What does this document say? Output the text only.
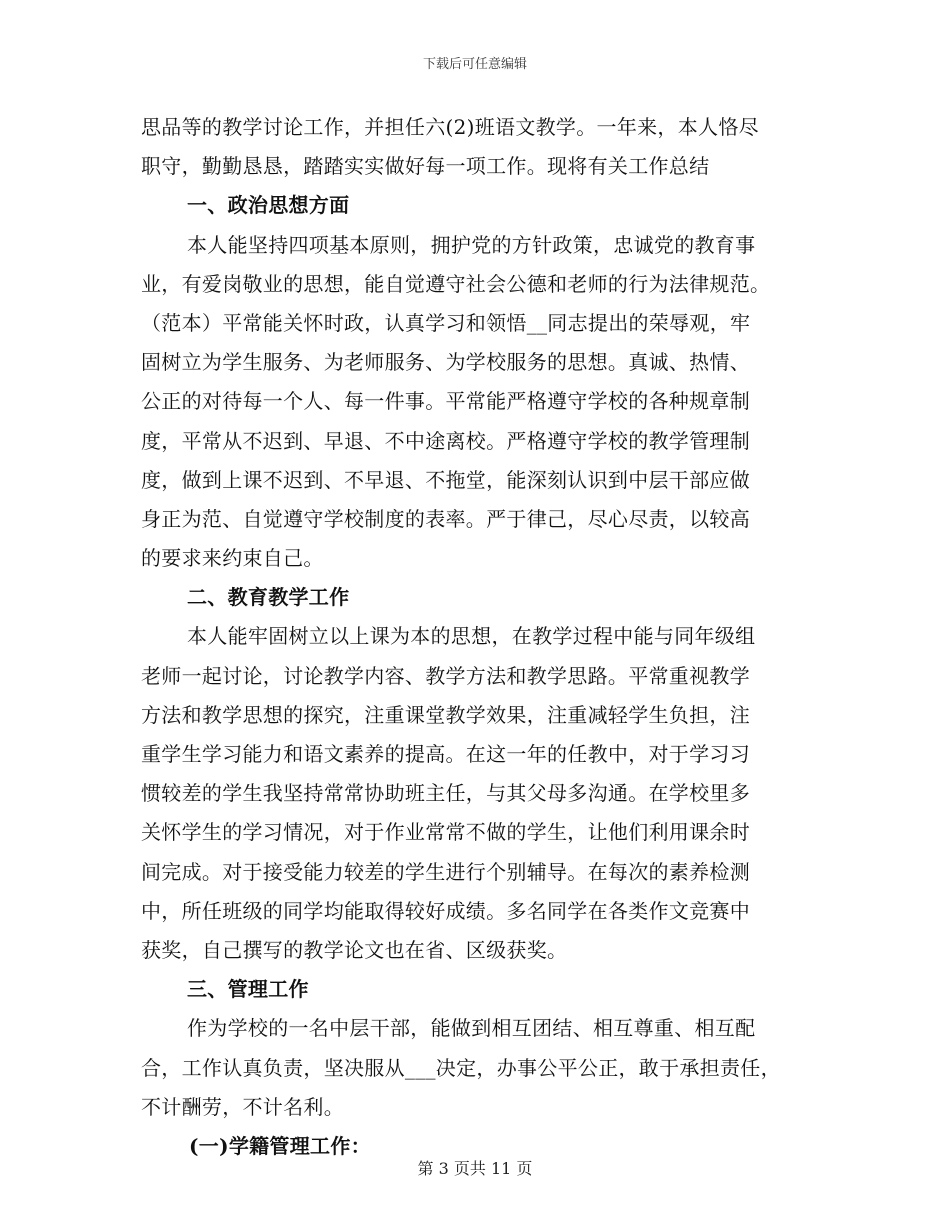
下载后可任意编辑
思品等的教学讨论工作，并担任六(2)班语文教学。一年来，本人恪尽
职守，勤勤恳恳，踏踏实实做好每一项工作。现将有关工作总结
一、政治思想方面
本人能坚持四项基本原则，拥护党的方针政策，忠诚党的教育事
业，有爱岗敬业的思想，能自觉遵守社会公德和老师的行为法律规范。
（范本）平常能关怀时政，认真学习和领悟__同志提出的荣辱观，牢
固树立为学生服务、为老师服务、为学校服务的思想。真诚、热情、
公正的对待每一个人、每一件事。平常能严格遵守学校的各种规章制
度，平常从不迟到、早退、不中途离校。严格遵守学校的教学管理制
度，做到上课不迟到、不早退、不拖堂，能深刻认识到中层干部应做
身正为范、自觉遵守学校制度的表率。严于律己，尽心尽责，以较高
的要求来约束自己。
二、教育教学工作
本人能牢固树立以上课为本的思想，在教学过程中能与同年级组
老师一起讨论，讨论教学内容、教学方法和教学思路。平常重视教学
方法和教学思想的探究，注重课堂教学效果，注重减轻学生负担，注
重学生学习能力和语文素养的提高。在这一年的任教中，对于学习习
惯较差的学生我坚持常常协助班主任，与其父母多沟通。在学校里多
关怀学生的学习情况，对于作业常常不做的学生，让他们利用课余时
间完成。对于接受能力较差的学生进行个别辅导。在每次的素养检测
中，所任班级的同学均能取得较好成绩。多名同学在各类作文竞赛中
获奖，自己撰写的教学论文也在省、区级获奖。
三、管理工作
作为学校的一名中层干部，能做到相互团结、相互尊重、相互配
合，工作认真负责，坚决服从___决定，办事公平公正，敢于承担责任，
不计酬劳，不计名利。
(一)学籍管理工作：
第 3 页共 11 页
